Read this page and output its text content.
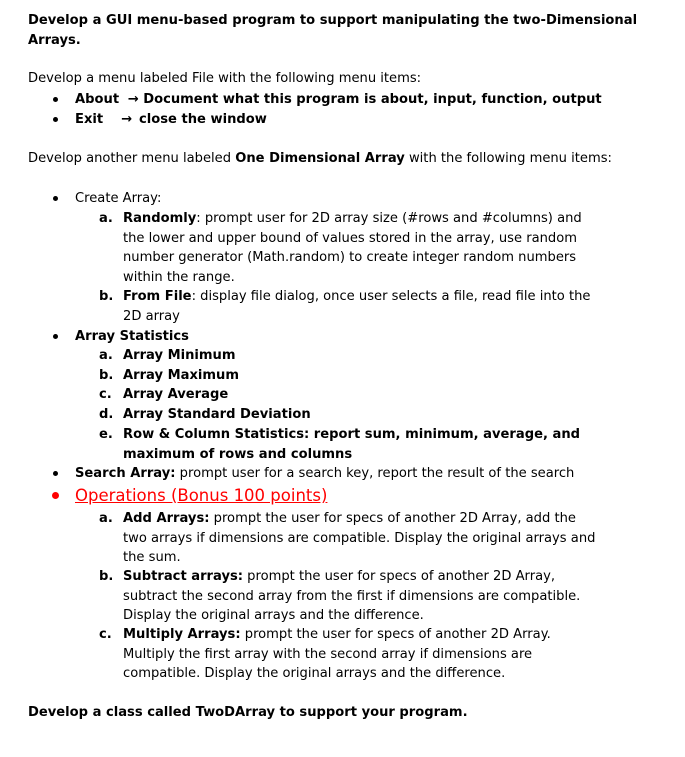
Develop a GUI menu-based program to support manipulating the two-Dimensional
Arrays.
Develop a menu labeled File with the following menu items:
About → Document what this program is about, input, function, output
Exit → close the window
Develop another menu labeled One Dimensional Array with the following menu items:
Create Array:
a. Randomly: prompt user for 2D array size (#rows and #columns) and the lower and upper bound of values stored in the array, use random number generator (Math.random) to create integer random numbers within the range.
b. From File: display file dialog, once user selects a file, read file into the 2D array
Array Statistics
a. Array Minimum
b. Array Maximum
c. Array Average
d. Array Standard Deviation
e. Row & Column Statistics: report sum, minimum, average, and maximum of rows and columns
Search Array: prompt user for a search key, report the result of the search
Operations (Bonus 100 points)
a. Add Arrays: prompt the user for specs of another 2D Array, add the two arrays if dimensions are compatible. Display the original arrays and the sum.
b. Subtract arrays: prompt the user for specs of another 2D Array, subtract the second array from the first if dimensions are compatible. Display the original arrays and the difference.
c. Multiply Arrays: prompt the user for specs of another 2D Array. Multiply the first array with the second array if dimensions are compatible. Display the original arrays and the difference.
Develop a class called TwoDArray to support your program.
